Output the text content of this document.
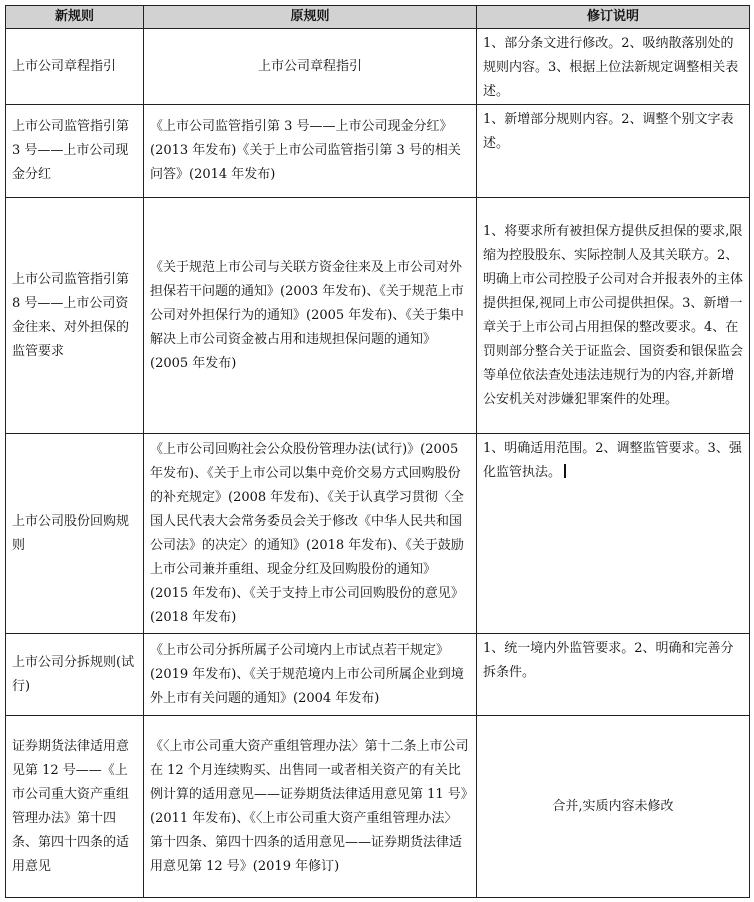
新规则	原规则	修订说明
上市公司章程指引	上市公司章程指引	1、部分条文进行修改。2、吸纳散落别处的规则内容。3、根据上位法新规定调整相关表述。
上市公司监管指引第 3 号——上市公司现金分红	《上市公司监管指引第 3 号——上市公司现金分红》(2013 年发布)《关于上市公司监管指引第 3 号的相关问答》(2014 年发布)	1、新增部分规则内容。2、调整个别文字表述。
上市公司监管指引第 8 号——上市公司资金往来、对外担保的监管要求	《关于规范上市公司与关联方资金往来及上市公司对外担保若干问题的通知》(2003 年发布)、《关于规范上市公司对外担保行为的通知》(2005 年发布)、《关于集中解决上市公司资金被占用和违规担保问题的通知》(2005 年发布)	1、将要求所有被担保方提供反担保的要求,限缩为控股股东、实际控制人及其关联方。2、明确上市公司控股子公司对合并报表外的主体提供担保,视同上市公司提供担保。3、新增一章关于上市公司占用担保的整改要求。4、在罚则部分整合关于证监会、国资委和银保监会等单位依法查处违法违规行为的内容,并新增公安机关对涉嫌犯罪案件的处理。
上市公司股份回购规则	《上市公司回购社会公众股份管理办法(试行)》(2005 年发布)、《关于上市公司以集中竞价交易方式回购股份的补充规定》(2008 年发布)、《关于认真学习贯彻〈全国人民代表大会常务委员会关于修改《中华人民共和国公司法》的决定〉的通知》(2018 年发布)、《关于鼓励上市公司兼并重组、现金分红及回购股份的通知》(2015 年发布)、《关于支持上市公司回购股份的意见》(2018 年发布)	1、明确适用范围。2、调整监管要求。3、强化监管执法。
上市公司分拆规则(试行)	《上市公司分拆所属子公司境内上市试点若干规定》(2019 年发布)、《关于规范境内上市公司所属企业到境外上市有关问题的通知》(2004 年发布)	1、统一境内外监管要求。2、明确和完善分拆条件。
证券期货法律适用意见第 12 号——《上市公司重大资产重组管理办法》第十四条、第四十四条的适用意见	《〈上市公司重大资产重组管理办法〉第十二条上市公司在 12 个月连续购买、出售同一或者相关资产的有关比例计算的适用意见——证券期货法律适用意见第 11 号》(2011 年发布)、《〈上市公司重大资产重组管理办法〉第十四条、第四十四条的适用意见——证券期货法律适用意见第 12 号》(2019 年修订)	合并,实质内容未修改
